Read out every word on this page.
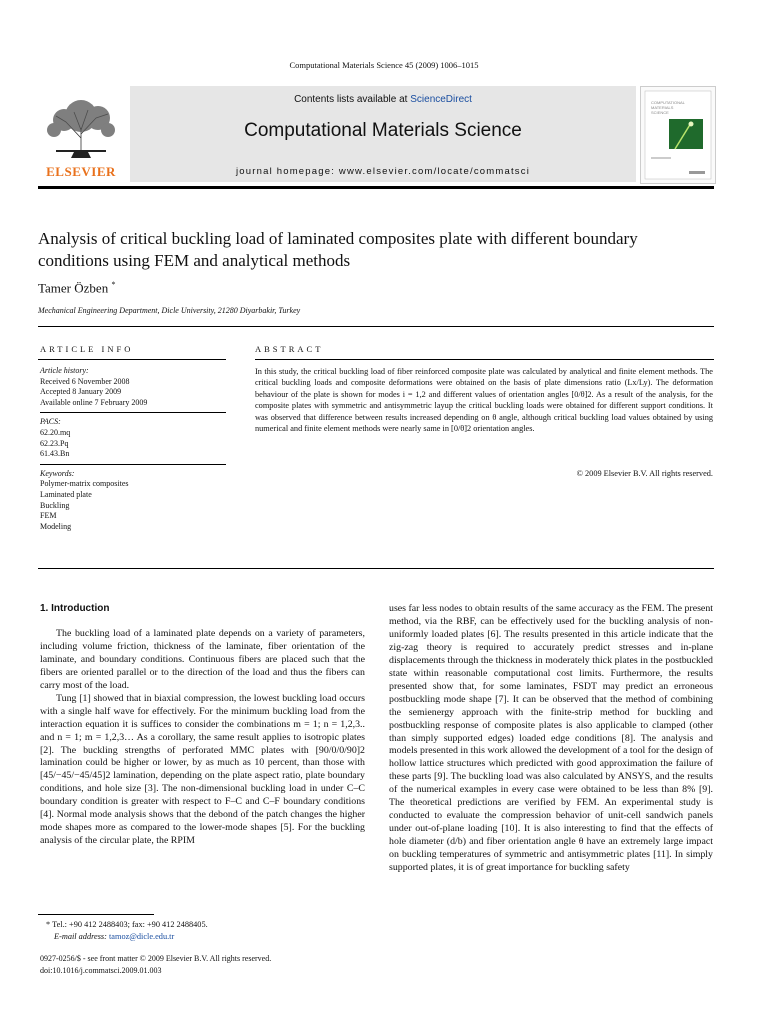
Computational Materials Science 45 (2009) 1006–1015
ELSEVIER
Contents lists available at ScienceDirect
Computational Materials Science
journal homepage: www.elsevier.com/locate/commatsci
COMPUTATIONAL
MATERIALS
SCIENCE
Analysis of critical buckling load of laminated composites plate with different boundary conditions using FEM and analytical methods
Tamer Özben *
Mechanical Engineering Department, Dicle University, 21280 Diyarbakir, Turkey
ARTICLE INFO	ABSTRACT
Article history:
Received 6 November 2008
Accepted 8 January 2009
Available online 7 February 2009
PACS:
62.20.mq
62.23.Pq
61.43.Bn
Keywords:
Polymer-matrix composites
Laminated plate
Buckling
FEM
Modeling
In this study, the critical buckling load of fiber reinforced composite plate was calculated by analytical and finite element methods. The critical buckling loads and composite deformations were obtained on the basis of plate dimensions ratio (Lx/Ly). The deformation behaviour of the plate is shown for modes i = 1,2 and different values of orientation angles [0/θ]2. As a result of the analysis, for the composite plates with symmetric and antisymmetric layup the critical buckling loads were obtained for different support conditions. It was observed that difference between results increased depending on θ angle, although critical buckling load values obtained by using numerical and finite element methods were nearly same in [0/θ]2 orientation angles.
© 2009 Elsevier B.V. All rights reserved.

1. Introduction

The buckling load of a laminated plate depends on a variety of parameters, including volume friction, thickness of the laminate, fiber orientation of the laminate, and boundary conditions. Continuous fibers are placed such that the fibers are oriented parallel or to the direction of the load and thus the fibers can carry most of the load.

Tung [1] showed that in biaxial compression, the lowest buckling load occurs with a single half wave for effectively. For the minimum buckling load from the interaction equation it is suffices to consider the combinations m = 1; n = 1,2,3.. and n = 1; m = 1,2,3… As a corollary, the same result applies to isotropic plates [2]. The buckling strengths of perforated MMC plates with [90/0/0/90]2 lamination could be higher or lower, by as much as 10 percent, than those with [45/−45/−45/45]2 lamination, depending on the plate aspect ratio, plate boundary conditions, and hole size [3]. The non-dimensional buckling load in under C–C boundary condition is greater with respect to F–C and C–F boundary conditions [4]. Normal mode analysis shows that the debond of the patch changes the higher mode shapes more as compared to the lower-mode shapes [5]. For the buckling analysis of the circular plate, the RPIM

uses far less nodes to obtain results of the same accuracy as the FEM. The present method, via the RBF, can be effectively used for the buckling analysis of non-uniformly loaded plates [6]. The results presented in this article indicate that the zig-zag theory is required to accurately predict stresses and in-plane displacements through the thickness in moderately thick plates in the postbuckled state within reasonable computational cost limits. Furthermore, the results presented show that, for some laminates, FSDT may predict an erroneous postbuckling mode shape [7]. It can be observed that the method of combining the semienergy approach with the finite-strip method for buckling and postbuckling response of composite plates is also applicable to clamped (other than simply supported edges) loaded edge conditions [8]. The analysis and models presented in this work allowed the development of a tool for the design of hollow lattice structures which predicted with good approximation the failure of these parts [9]. The buckling load was also calculated by ANSYS, and the results of the numerical examples in every case were obtained to be less than 8% [9]. The theoretical predictions are verified by FEM. An experimental study is conducted to evaluate the compression behavior of unit-cell sandwich panels under out-of-plane loading [10]. It is also interesting to find that the effects of hole diameter (d/b) and fiber orientation angle θ have an extremely large impact on buckling temperatures of symmetric and antisymmetric plates [11]. In simply supported plates, it is of great importance for buckling safety

* Tel.: +90 412 2488403; fax: +90 412 2488405.
E-mail address: tamoz@dicle.edu.tr
0927-0256/$ - see front matter © 2009 Elsevier B.V. All rights reserved.
doi:10.1016/j.commatsci.2009.01.003
